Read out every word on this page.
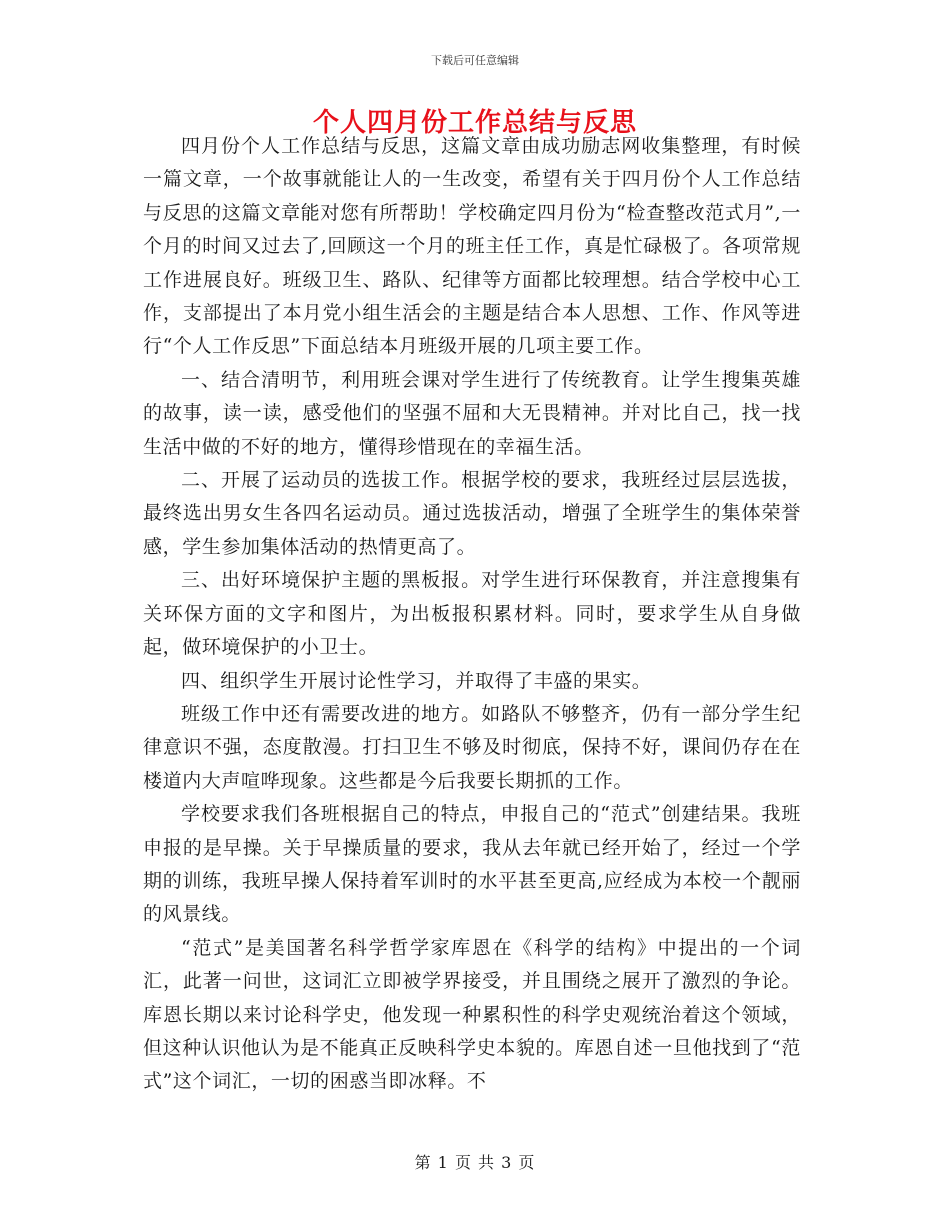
下载后可任意编辑
个人四月份工作总结与反思

四月份个人工作总结与反思，这篇文章由成功励志网收集整理，有时候一篇文章，一个故事就能让人的一生改变，希望有关于四月份个人工作总结与反思的这篇文章能对您有所帮助！学校确定四月份为“检查整改范式月”,一个月的时间又过去了,回顾这一个月的班主任工作，真是忙碌极了。各项常规工作进展良好。班级卫生、路队、纪律等方面都比较理想。结合学校中心工作，支部提出了本月党小组生活会的主题是结合本人思想、工作、作风等进行“个人工作反思”下面总结本月班级开展的几项主要工作。

一、结合清明节，利用班会课对学生进行了传统教育。让学生搜集英雄的故事，读一读，感受他们的坚强不屈和大无畏精神。并对比自己，找一找生活中做的不好的地方，懂得珍惜现在的幸福生活。

二、开展了运动员的选拔工作。根据学校的要求，我班经过层层选拔，最终选出男女生各四名运动员。通过选拔活动，增强了全班学生的集体荣誉感，学生参加集体活动的热情更高了。

三、出好环境保护主题的黑板报。对学生进行环保教育，并注意搜集有关环保方面的文字和图片，为出板报积累材料。同时，要求学生从自身做起，做环境保护的小卫士。

四、组织学生开展讨论性学习，并取得了丰盛的果实。

班级工作中还有需要改进的地方。如路队不够整齐，仍有一部分学生纪律意识不强，态度散漫。打扫卫生不够及时彻底，保持不好，课间仍存在在楼道内大声喧哗现象。这些都是今后我要长期抓的工作。

学校要求我们各班根据自己的特点，申报自己的“范式”创建结果。我班申报的是早操。关于早操质量的要求，我从去年就已经开始了，经过一个学期的训练，我班早操人保持着军训时的水平甚至更高,应经成为本校一个靓丽的风景线。

“范式”是美国著名科学哲学家库恩在《科学的结构》中提出的一个词汇，此著一问世，这词汇立即被学界接受，并且围绕之展开了激烈的争论。库恩长期以来讨论科学史，他发现一种累积性的科学史观统治着这个领域，但这种认识他认为是不能真正反映科学史本貌的。库恩自述一旦他找到了“范式”这个词汇，一切的困惑当即冰释。不

第 1 页 共 3 页
